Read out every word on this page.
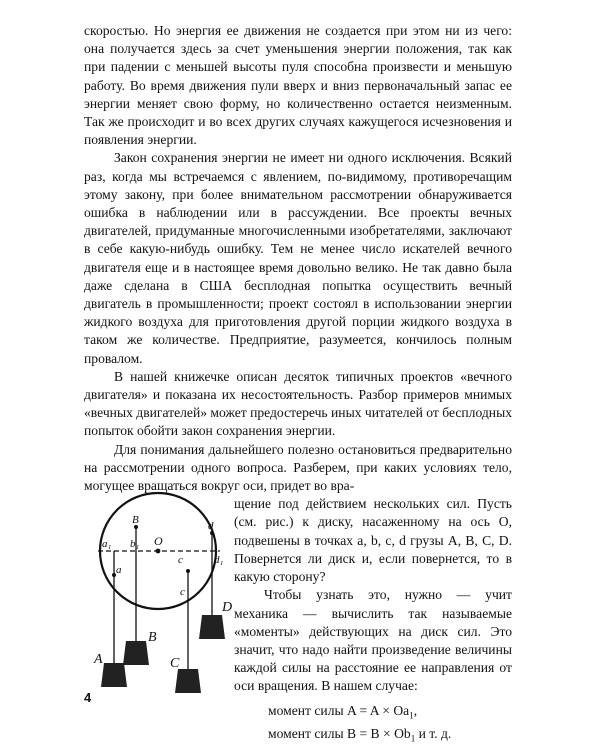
скоростью. Но энергия ее движения не создается при этом ни из чего: она получается здесь за счет уменьшения энергии положения, так как при падении с меньшей высоты пуля способна произвести и меньшую работу. Во время движения пули вверх и вниз первоначальный запас ее энергии меняет свою форму, но количественно остается неизменным. Так же происходит и во всех других случаях кажущегося исчезновения и появления энергии.

Закон сохранения энергии не имеет ни одного исключения. Всякий раз, когда мы встречаемся с явлением, по-видимому, противоречащим этому закону, при более внимательном рассмотрении обнаруживается ошибка в наблюдении или в рассуждении. Все проекты вечных двигателей, придуманные многочисленными изобретателями, заключают в себе какую-нибудь ошибку. Тем не менее число искателей вечного двигателя еще и в настоящее время довольно велико. Не так давно была даже сделана в США бесплодная попытка осуществить вечный двигатель в промышленности; проект состоял в использовании энергии жидкого воздуха для приготовления другой порции жидкого воздуха в таком же количестве. Предприятие, разумеется, кончилось полным провалом.

В нашей книжечке описан десяток типичных проектов «вечного двигателя» и показана их несостоятельность. Разбор примеров мнимых «вечных двигателей» может предостеречь иных читателей от бесплодных попыток обойти закон сохранения энергии.

Для понимания дальнейшего полезно остановиться предварительно на рассмотрении одного вопроса. Разберем, при каких условиях тело, могущее вращаться вокруг оси, придет во вра-

a₁
B
b₁ O
c
d
d₁
a
c
A
B
C
D

щение под действием нескольких сил. Пусть (см. рис.) к диску, насаженному на ось O, подвешены в точках a, b, c, d грузы A, B, C, D. Повернется ли диск и, если повернется, то в какую сторону?

Чтобы узнать это, нужно — учит механика — вычислить так называемые «моменты» действующих на диск сил. Это значит, что надо найти произведение величины каждой силы на расстояние ее направления от оси вращения. В нашем случае:

момент силы $A = A \times Oa_1$,
момент силы $B = B \times Ob_1$ и т. д.
4
